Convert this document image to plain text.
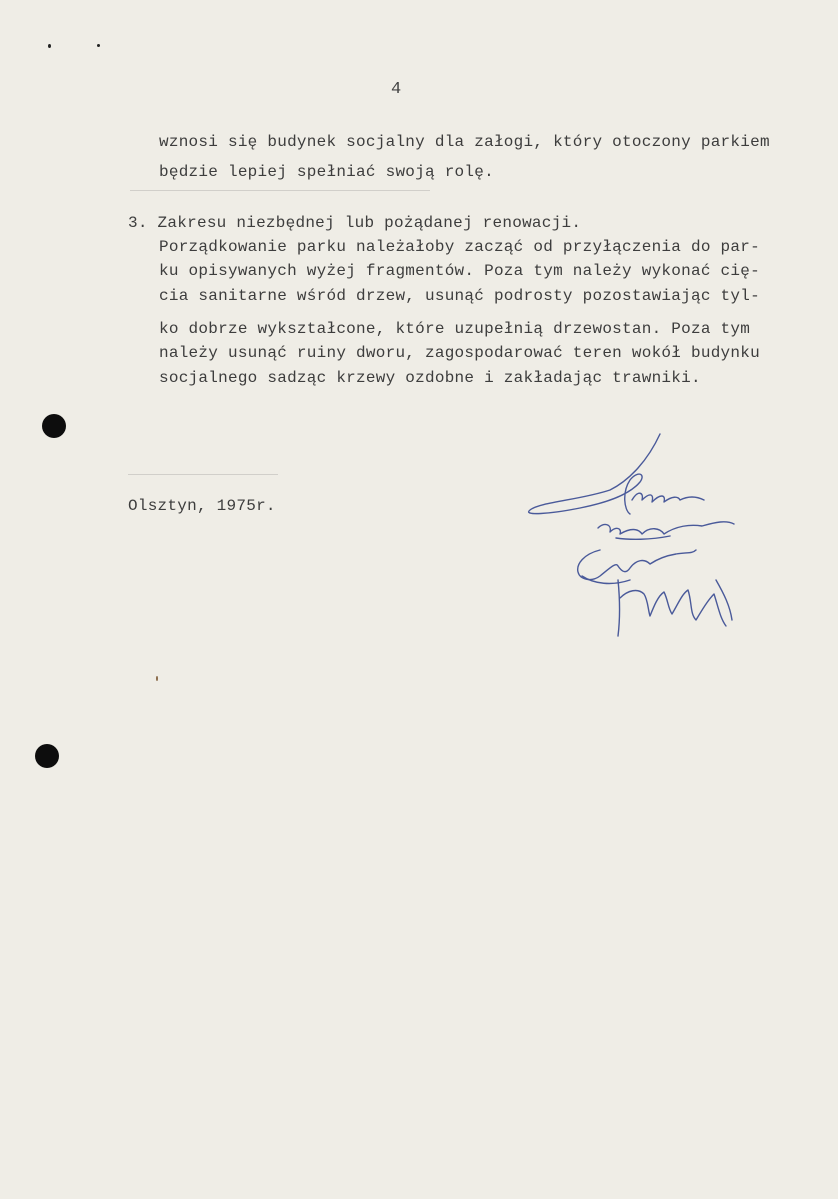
4
wznosi się budynek socjalny dla załogi, który otoczony parkiem
będzie lepiej spełniać swoją rolę.
3. Zakresu niezbędnej lub pożądanej renowacji.
Porządkowanie parku należałoby zacząć od przyłączenia do par-
ku opisywanych wyżej fragmentów. Poza tym należy wykonać cię-
cia sanitarne wśród drzew, usunąć podrosty pozostawiając tyl-
ko dobrze wykształcone, które uzupełnią drzewostan. Poza tym
należy usunąć ruiny dworu, zagospodarować teren wokół budynku
socjalnego sadząc krzewy ozdobne i zakładając trawniki.
Olsztyn, 1975r.
